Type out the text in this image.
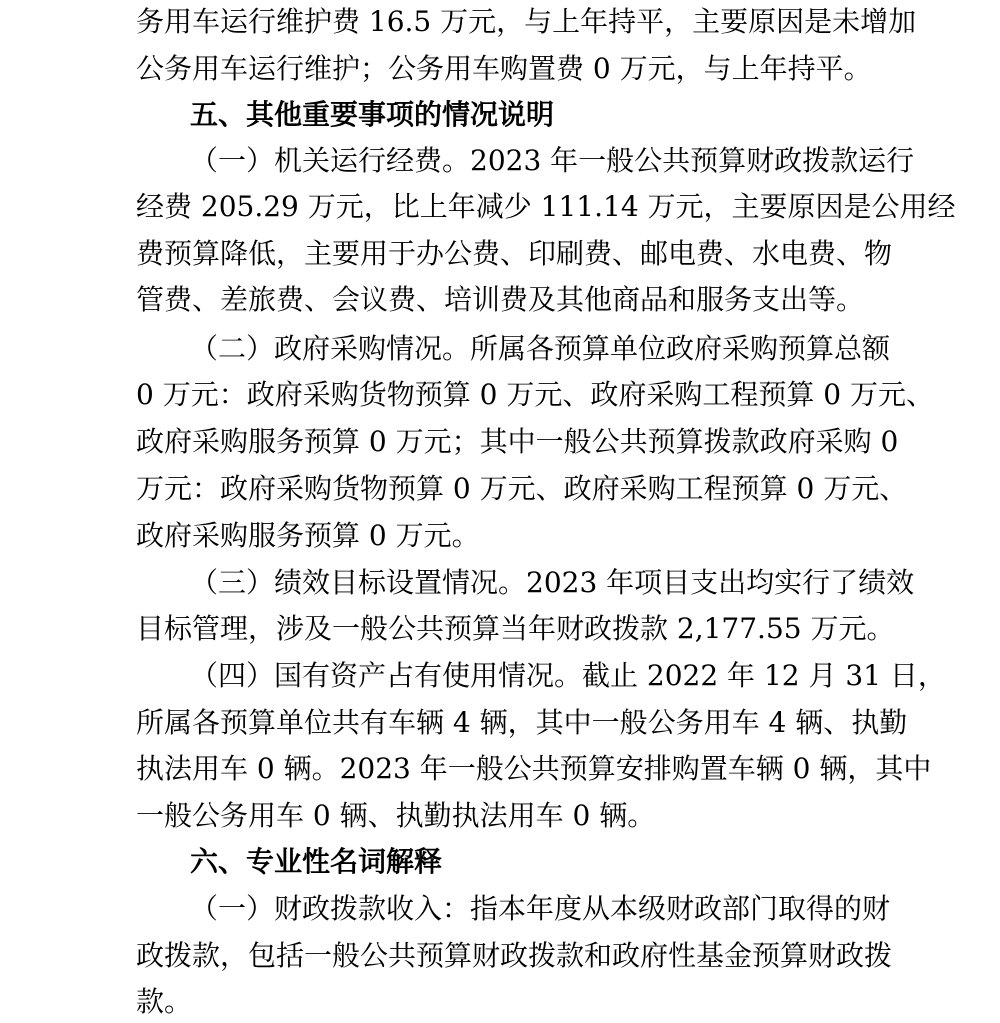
务用车运行维护费 16.5 万元，与上年持平，主要原因是未增加
公务用车运行维护；公务用车购置费 0 万元，与上年持平。
五、其他重要事项的情况说明
（一）机关运行经费。2023 年一般公共预算财政拨款运行
经费 205.29 万元，比上年减少 111.14 万元，主要原因是公用经
费预算降低，主要用于办公费、印刷费、邮电费、水电费、物
管费、差旅费、会议费、培训费及其他商品和服务支出等。
（二）政府采购情况。所属各预算单位政府采购预算总额
0 万元：政府采购货物预算 0 万元、政府采购工程预算 0 万元、
政府采购服务预算 0 万元；其中一般公共预算拨款政府采购 0
万元：政府采购货物预算 0 万元、政府采购工程预算 0 万元、
政府采购服务预算 0 万元。
（三）绩效目标设置情况。2023 年项目支出均实行了绩效
目标管理，涉及一般公共预算当年财政拨款 2,177.55 万元。
（四）国有资产占有使用情况。截止 2022 年 12 月 31 日，
所属各预算单位共有车辆 4 辆，其中一般公务用车 4 辆、执勤
执法用车 0 辆。2023 年一般公共预算安排购置车辆 0 辆，其中
一般公务用车 0 辆、执勤执法用车 0 辆。
六、专业性名词解释
（一）财政拨款收入：指本年度从本级财政部门取得的财
政拨款，包括一般公共预算财政拨款和政府性基金预算财政拨
款。
